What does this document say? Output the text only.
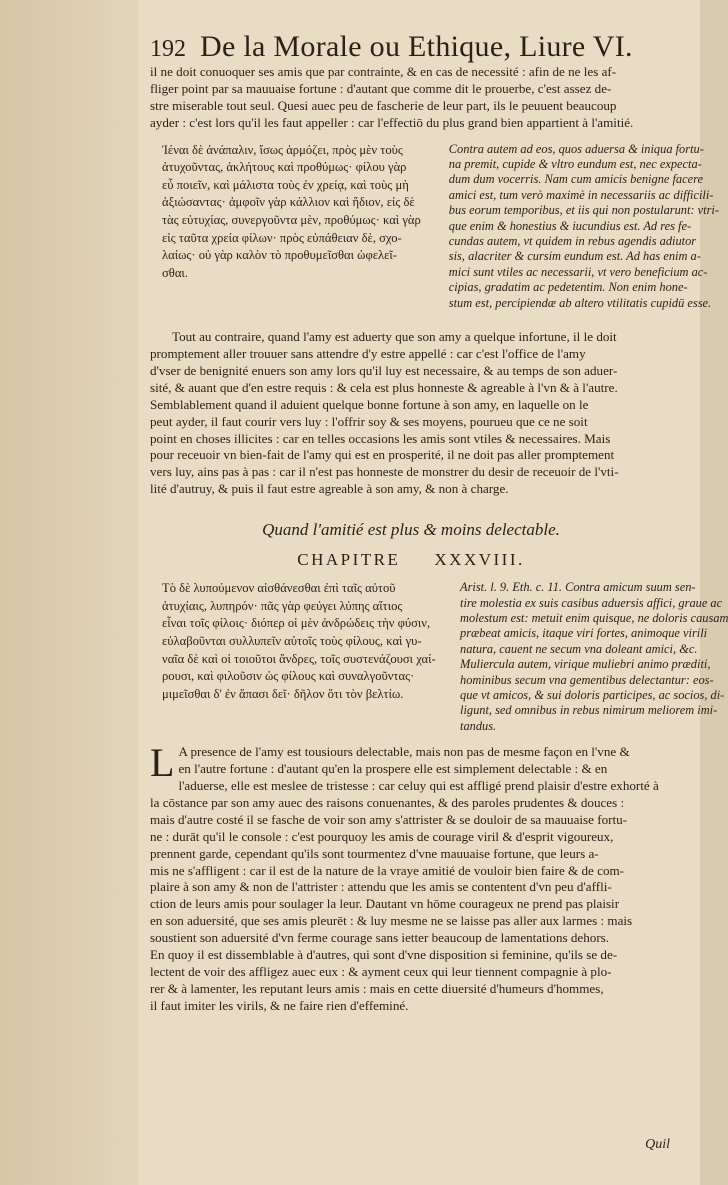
192 De la Morale ou Ethique, Liure VI.

il ne doit conuoquer ses amis que par contrainte, & en cas de necessité : afin de ne les af-
fliger point par sa mauuaise fortune : d'autant que comme dit le prouerbe, c'est assez de-
stre miserable tout seul. Quesi auec peu de fascherie de leur part, ils le peuuent beaucoup
ayder : c'est lors qu'il les faut appeller : car l'effectiō du plus grand bien appartient à l'amitié.

Ἰέναι δὲ ἀνάπαλιν, ἴσως ἁρμόζει, πρὸς μὲν τοὺς
ἀτυχοῦντας, ἀκλήτους καὶ προθύμως· φίλου γὰρ
εὖ ποιεῖν, καὶ μάλιστα τοὺς ἐν χρείᾳ, καὶ τοὺς μὴ
ἀξιώσαντας· ἀμφοῖν γὰρ κάλλιον καὶ ἥδιον, εἰς δὲ
τὰς εὐτυχίας, συνεργοῦντα μὲν, προθύμως· καὶ γὰρ
εἰς ταῦτα χρεία φίλων· πρὸς εὐπάθειαν δὲ, σχο-
λαίως· οὐ γὰρ καλὸν τὸ προθυμεῖσθαι ὠφελεῖ-
σθαι.
Contra autem ad eos, quos aduersa & iniqua fortu-
na premit, cupide & vltro eundum est, nec expecta-
dum dum vocerris. Nam cum amicis benigne facere
amici est, tum verò maximè in necessariis ac difficili-
bus eorum temporibus, et iis qui non postularunt: vtri-
que enim & honestius & iucundius est. Ad res fe-
cundas autem, vt quidem in rebus agendis adiutor
sis, alacriter & cursim eundum est. Ad has enim a-
mici sunt vtiles ac necessarii, vt vero beneficium ac-
cipias, gradatim ac pedetentim. Non enim hone-
stum est, percipiendæ ab altero vtilitatis cupidū esse.

Tout au contraire, quand l'amy est aduerty que son amy a quelque infortune, il le doit
promptement aller trouuer sans attendre d'y estre appellé : car c'est l'office de l'amy
d'vser de benignité enuers son amy lors qu'il luy est necessaire, & au temps de son aduer-
sité, & auant que d'en estre requis : & cela est plus honneste & agreable à l'vn & à l'autre.
Semblablement quand il aduient quelque bonne fortune à son amy, en laquelle on le
peut ayder, il faut courir vers luy : l'offrir soy & ses moyens, pourueu que ce ne soit
point en choses illicites : car en telles occasions les amis sont vtiles & necessaires. Mais
pour receuoir vn bien-fait de l'amy qui est en prosperité, il ne doit pas aller promptement
vers luy, ains pas à pas : car il n'est pas honneste de monstrer du desir de receuoir de l'vti-
lité d'autruy, & puis il faut estre agreable à son amy, & non à charge.

Quand l'amitié est plus & moins delectable.
CHAPITRE XXXVIII.
Τὸ δὲ λυπούμενον αἰσθάνεσθαι ἐπὶ ταῖς αὐτοῦ
ἀτυχίαις, λυπηρόν· πᾶς γὰρ φεύγει λύπης αἴτιος
εἶναι τοῖς φίλοις· διόπερ οἱ μὲν ἀνδρώδεις τὴν φύσιν,
εὐλαβοῦνται συλλυπεῖν αὐτοῖς τοὺς φίλους, καὶ γυ-
ναῖα δὲ καὶ οἱ τοιοῦτοι ἄνδρες, τοῖς συστενάζουσι χαί-
ρουσι, καὶ φιλοῦσιν ὡς φίλους καὶ συναλγοῦντας·
μιμεῖσθαι δ' ἐν ἅπασι δεῖ· δῆλον ὅτι τὸν βελτίω.
Arist. l. 9. Eth. c. 11. Contra amicum suum sen-
tire molestia ex suis casibus aduersis affici, graue ac
molestum est: metuit enim quisque, ne doloris causam
præbeat amicis, itaque viri fortes, animoque virili
natura, cauent ne secum vna doleant amici, &c.
Muliercula autem, virique muliebri animo præditi,
hominibus secum vna gementibus delectantur: eos-
que vt amicos, & sui doloris participes, ac socios, di-
ligunt, sed omnibus in rebus nimirum meliorem imi-
tandus.

L A presence de l'amy est tousiours delectable, mais non pas de mesme façon en l'vne &
en l'autre fortune : d'autant qu'en la prospere elle est simplement delectable : & en
l'aduerse, elle est meslee de tristesse : car celuy qui est affligé prend plaisir d'estre exhorté à
la cōstance par son amy auec des raisons conuenantes, & des paroles prudentes & douces :
mais d'autre costé il se fasche de voir son amy s'attrister & se douloir de sa mauuaise fortu-
ne : durāt qu'il le console : c'est pourquoy les amis de courage viril & d'esprit vigoureux,
prennent garde, cependant qu'ils sont tourmentez d'vne mauuaise fortune, que leurs a-
mis ne s'affligent : car il est de la nature de la vraye amitié de vouloir bien faire & de com-
plaire à son amy & non de l'attrister : attendu que les amis se contentent d'vn peu d'affli-
ction de leurs amis pour soulager la leur. Dautant vn hōme courageux ne prend pas plaisir
en son aduersité, que ses amis pleurēt : & luy mesme ne se laisse pas aller aux larmes : mais
soustient son aduersité d'vn ferme courage sans ietter beaucoup de lamentations dehors.
En quoy il est dissemblable à d'autres, qui sont d'vne disposition si feminine, qu'ils se de-
lectent de voir des affligez auec eux : & ayment ceux qui leur tiennent compagnie à plo-
rer & à lamenter, les reputant leurs amis : mais en cette diuersité d'humeurs d'hommes,
il faut imiter les virils, & ne faire rien d'effeminé.

Quil
